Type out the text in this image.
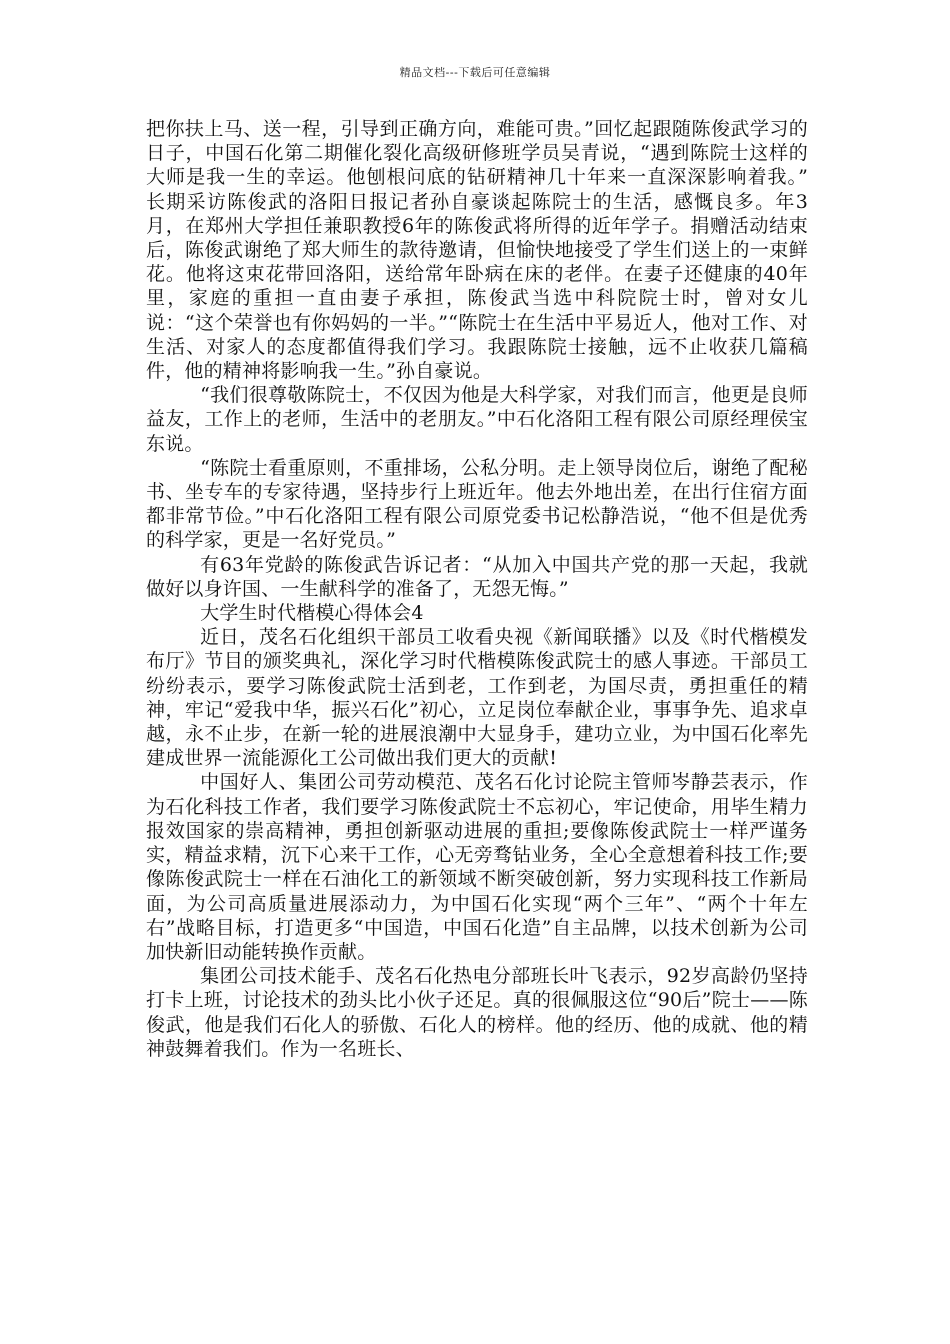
精品文档---下载后可任意编辑

把你扶上马、送一程，引导到正确方向，难能可贵。”回忆起跟随陈俊武学习的日子，中国石化第二期催化裂化高级研修班学员吴青说，“遇到陈院士这样的大师是我一生的幸运。他刨根问底的钻研精神几十年来一直深深影响着我。”　　长期采访陈俊武的洛阳日报记者孙自豪谈起陈院士的生活，感慨良多。年3月，在郑州大学担任兼职教授6年的陈俊武将所得的近年学子。捐赠活动结束后，陈俊武谢绝了郑大师生的款待邀请，但愉快地接受了学生们送上的一束鲜花。他将这束花带回洛阳，送给常年卧病在床的老伴。在妻子还健康的40年里，家庭的重担一直由妻子承担，陈俊武当选中科院院士时，曾对女儿说：“这个荣誉也有你妈妈的一半。”“陈院士在生活中平易近人，他对工作、对生活、对家人的态度都值得我们学习。我跟陈院士接触，远不止收获几篇稿件，他的精神将影响我一生。”孙自豪说。

“我们很尊敬陈院士，不仅因为他是大科学家，对我们而言，他更是良师益友，工作上的老师，生活中的老朋友。”中石化洛阳工程有限公司原经理侯宝东说。

“陈院士看重原则，不重排场，公私分明。走上领导岗位后，谢绝了配秘书、坐专车的专家待遇，坚持步行上班近年。他去外地出差，在出行住宿方面都非常节俭。”中石化洛阳工程有限公司原党委书记松静浩说，“他不但是优秀的科学家，更是一名好党员。”

有63年党龄的陈俊武告诉记者：“从加入中国共产党的那一天起，我就做好以身许国、一生献科学的准备了，无怨无悔。”

大学生时代楷模心得体会4

近日，茂名石化组织干部员工收看央视《新闻联播》以及《时代楷模发布厅》节目的颁奖典礼，深化学习时代楷模陈俊武院士的感人事迹。干部员工纷纷表示，要学习陈俊武院士活到老，工作到老，为国尽责，勇担重任的精神，牢记“爱我中华，振兴石化”初心，立足岗位奉献企业，事事争先、追求卓越，永不止步，在新一轮的进展浪潮中大显身手，建功立业，为中国石化率先建成世界一流能源化工公司做出我们更大的贡献!

中国好人、集团公司劳动模范、茂名石化讨论院主管师岑静芸表示，作为石化科技工作者，我们要学习陈俊武院士不忘初心，牢记使命，用毕生精力报效国家的崇高精神，勇担创新驱动进展的重担;要像陈俊武院士一样严谨务实，精益求精，沉下心来干工作，心无旁骛钻业务，全心全意想着科技工作;要像陈俊武院士一样在石油化工的新领域不断突破创新，努力实现科技工作新局面，为公司高质量进展添动力，为中国石化实现“两个三年”、“两个十年左右”战略目标，打造更多“中国造，中国石化造”自主品牌，以技术创新为公司加快新旧动能转换作贡献。

集团公司技术能手、茂名石化热电分部班长叶飞表示，92岁高龄仍坚持打卡上班，讨论技术的劲头比小伙子还足。真的很佩服这位“90后”院士——陈俊武，他是我们石化人的骄傲、石化人的榜样。他的经历、他的成就、他的精神鼓舞着我们。作为一名班长、
